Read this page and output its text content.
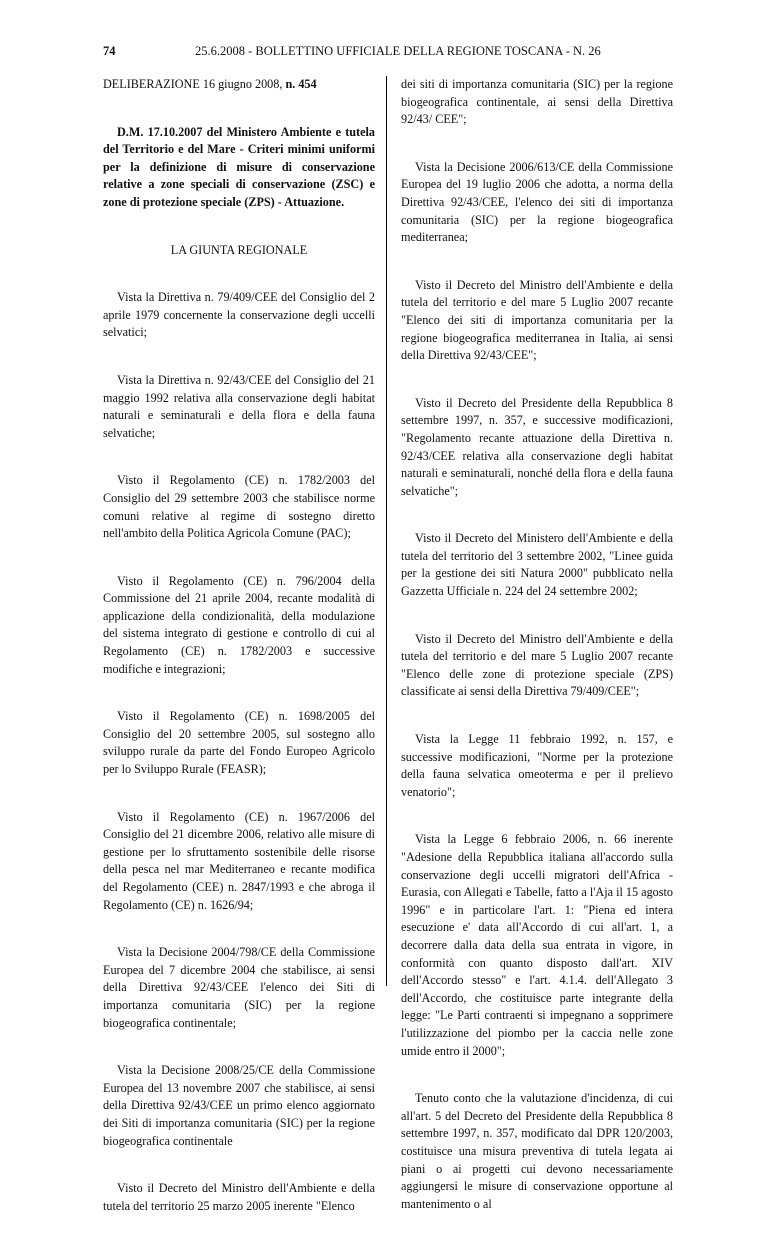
74	25.6.2008 - BOLLETTINO UFFICIALE DELLA REGIONE TOSCANA - N. 26

DELIBERAZIONE 16 giugno 2008, n. 454

D.M. 17.10.2007 del Ministero Ambiente e tutela del Territorio e del Mare - Criteri minimi uniformi per la definizione di misure di conservazione relative a zone speciali di conservazione (ZSC) e zone di protezione speciale (ZPS) - Attuazione.

LA GIUNTA REGIONALE

Vista la Direttiva n. 79/409/CEE del Consiglio del 2 aprile 1979 concernente la conservazione degli uccelli selvatici;

Vista la Direttiva n. 92/43/CEE del Consiglio del 21 maggio 1992 relativa alla conservazione degli habitat naturali e seminaturali e della flora e della fauna selvatiche;

Visto il Regolamento (CE) n. 1782/2003 del Consiglio del 29 settembre 2003 che stabilisce norme comuni relative al regime di sostegno diretto nell'ambito della Politica Agricola Comune (PAC);

Visto il Regolamento (CE) n. 796/2004 della Commissione del 21 aprile 2004, recante modalità di applicazione della condizionalità, della modulazione del sistema integrato di gestione e controllo di cui al Regolamento (CE) n. 1782/2003 e successive modifiche e integrazioni;

Visto il Regolamento (CE) n. 1698/2005 del Consiglio del 20 settembre 2005, sul sostegno allo sviluppo rurale da parte del Fondo Europeo Agricolo per lo Sviluppo Rurale (FEASR);

Visto il Regolamento (CE) n. 1967/2006 del Consiglio del 21 dicembre 2006, relativo alle misure di gestione per lo sfruttamento sostenibile delle risorse della pesca nel mar Mediterraneo e recante modifica del Regolamento (CEE) n. 2847/1993 e che abroga il Regolamento (CE) n. 1626/94;

Vista la Decisione 2004/798/CE della Commissione Europea del 7 dicembre 2004 che stabilisce, ai sensi della Direttiva 92/43/CEE l'elenco dei Siti di importanza comunitaria (SIC) per la regione biogeografica continentale;

Vista la Decisione 2008/25/CE della Commissione Europea del 13 novembre 2007 che stabilisce, ai sensi della Direttiva 92/43/CEE un primo elenco aggiornato dei Siti di importanza comunitaria (SIC) per la regione biogeografica continentale

Visto il Decreto del Ministro dell'Ambiente e della tutela del territorio 25 marzo 2005 inerente "Elenco

dei siti di importanza comunitaria (SIC) per la regione biogeografica continentale, ai sensi della Direttiva 92/43/ CEE";

Vista la Decisione 2006/613/CE della Commissione Europea del 19 luglio 2006 che adotta, a norma della Direttiva 92/43/CEE, l'elenco dei siti di importanza comunitaria (SIC) per la regione biogeografica mediterranea;

Visto il Decreto del Ministro dell'Ambiente e della tutela del territorio e del mare 5 Luglio 2007 recante "Elenco dei siti di importanza comunitaria per la regione biogeografica mediterranea in Italia, ai sensi della Direttiva 92/43/CEE";

Visto il Decreto del Presidente della Repubblica 8 settembre 1997, n. 357, e successive modificazioni, "Regolamento recante attuazione della Direttiva n. 92/43/CEE relativa alla conservazione degli habitat naturali e seminaturali, nonché della flora e della fauna selvatiche";

Visto il Decreto del Ministero dell'Ambiente e della tutela del territorio del 3 settembre 2002, "Linee guida per la gestione dei siti Natura 2000" pubblicato nella Gazzetta Ufficiale n. 224 del 24 settembre 2002;

Visto il Decreto del Ministro dell'Ambiente e della tutela del territorio e del mare 5 Luglio 2007 recante "Elenco delle zone di protezione speciale (ZPS) classificate ai sensi della Direttiva 79/409/CEE";

Vista la Legge 11 febbraio 1992, n. 157, e successive modificazioni, "Norme per la protezione della fauna selvatica omeoterma e per il prelievo venatorio";

Vista la Legge 6 febbraio 2006, n. 66 inerente "Adesione della Repubblica italiana all'accordo sulla conservazione degli uccelli migratori dell'Africa - Eurasia, con Allegati e Tabelle, fatto a l'Aja il 15 agosto 1996" e in particolare l'art. 1: "Piena ed intera esecuzione e' data all'Accordo di cui all'art. 1, a decorrere dalla data della sua entrata in vigore, in conformità con quanto disposto dall'art. XIV dell'Accordo stesso" e l'art. 4.1.4. dell'Allegato 3 dell'Accordo, che costituisce parte integrante della legge: "Le Parti contraenti si impegnano a sopprimere l'utilizzazione del piombo per la caccia nelle zone umide entro il 2000";

Tenuto conto che la valutazione d'incidenza, di cui all'art. 5 del Decreto del Presidente della Repubblica 8 settembre 1997, n. 357, modificato dal DPR 120/2003, costituisce una misura preventiva di tutela legata ai piani o ai progetti cui devono necessariamente aggiungersi le misure di conservazione opportune al mantenimento o al
